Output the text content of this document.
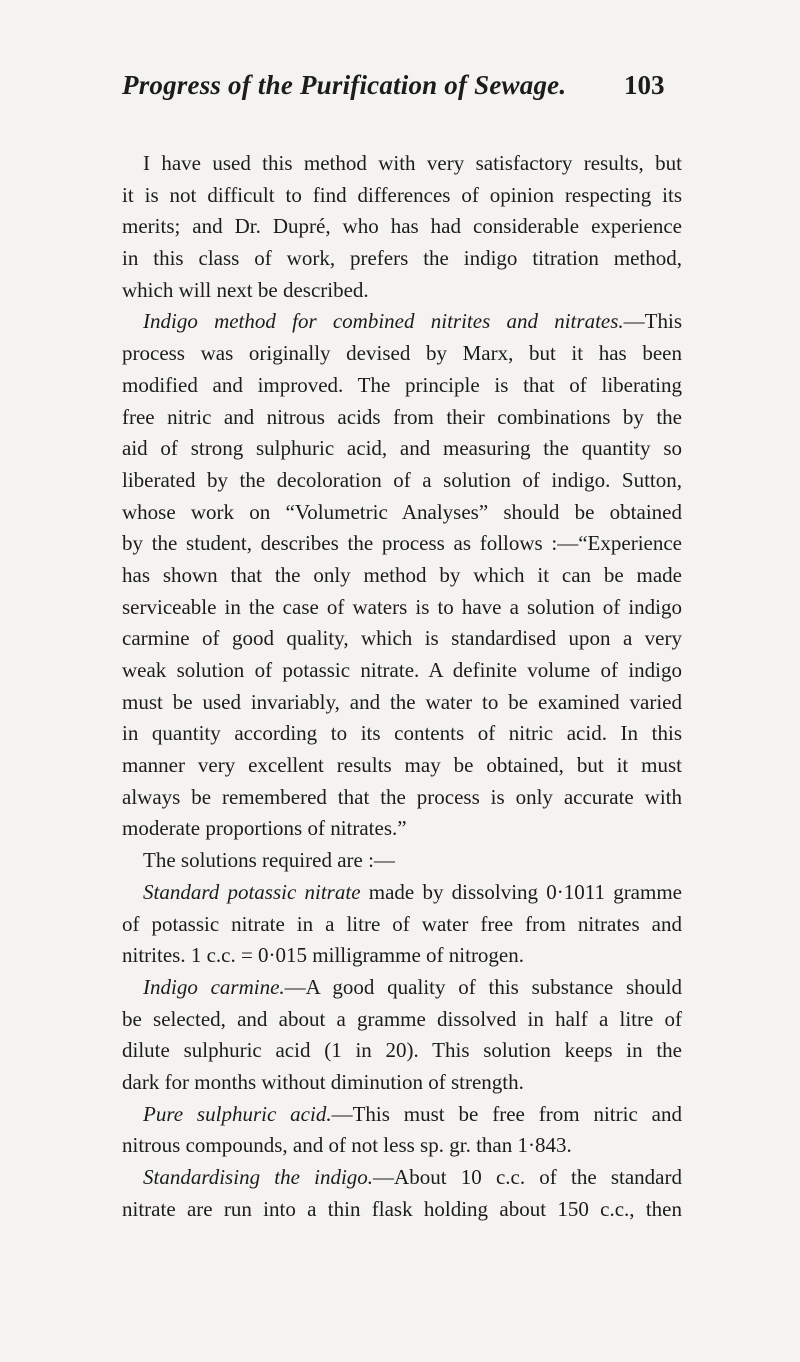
Progress of the Purification of Sewage. 103
I have used this method with very satisfactory results, but
it is not difficult to find differences of opinion respecting its
merits; and Dr. Dupré, who has had considerable experience
in this class of work, prefers the indigo titration method,
which will next be described.
Indigo method for combined nitrites and nitrates.—This
process was originally devised by Marx, but it has been
modified and improved. The principle is that of liberating
free nitric and nitrous acids from their combinations by the
aid of strong sulphuric acid, and measuring the quantity so
liberated by the decoloration of a solution of indigo. Sutton,
whose work on “Volumetric Analyses” should be obtained
by the student, describes the process as follows :—“Experience
has shown that the only method by which it can be made
serviceable in the case of waters is to have a solution of indigo
carmine of good quality, which is standardised upon a very
weak solution of potassic nitrate. A definite volume of indigo
must be used invariably, and the water to be examined varied
in quantity according to its contents of nitric acid. In this
manner very excellent results may be obtained, but it must
always be remembered that the process is only accurate with
moderate proportions of nitrates.”
The solutions required are :—
Standard potassic nitrate made by dissolving 0·1011 gramme
of potassic nitrate in a litre of water free from nitrates and
nitrites. 1 c.c. = 0·015 milligramme of nitrogen.
Indigo carmine.—A good quality of this substance should
be selected, and about a gramme dissolved in half a litre of
dilute sulphuric acid (1 in 20). This solution keeps in the
dark for months without diminution of strength.
Pure sulphuric acid.—This must be free from nitric and
nitrous compounds, and of not less sp. gr. than 1·843.
Standardising the indigo.—About 10 c.c. of the standard
nitrate are run into a thin flask holding about 150 c.c., then
